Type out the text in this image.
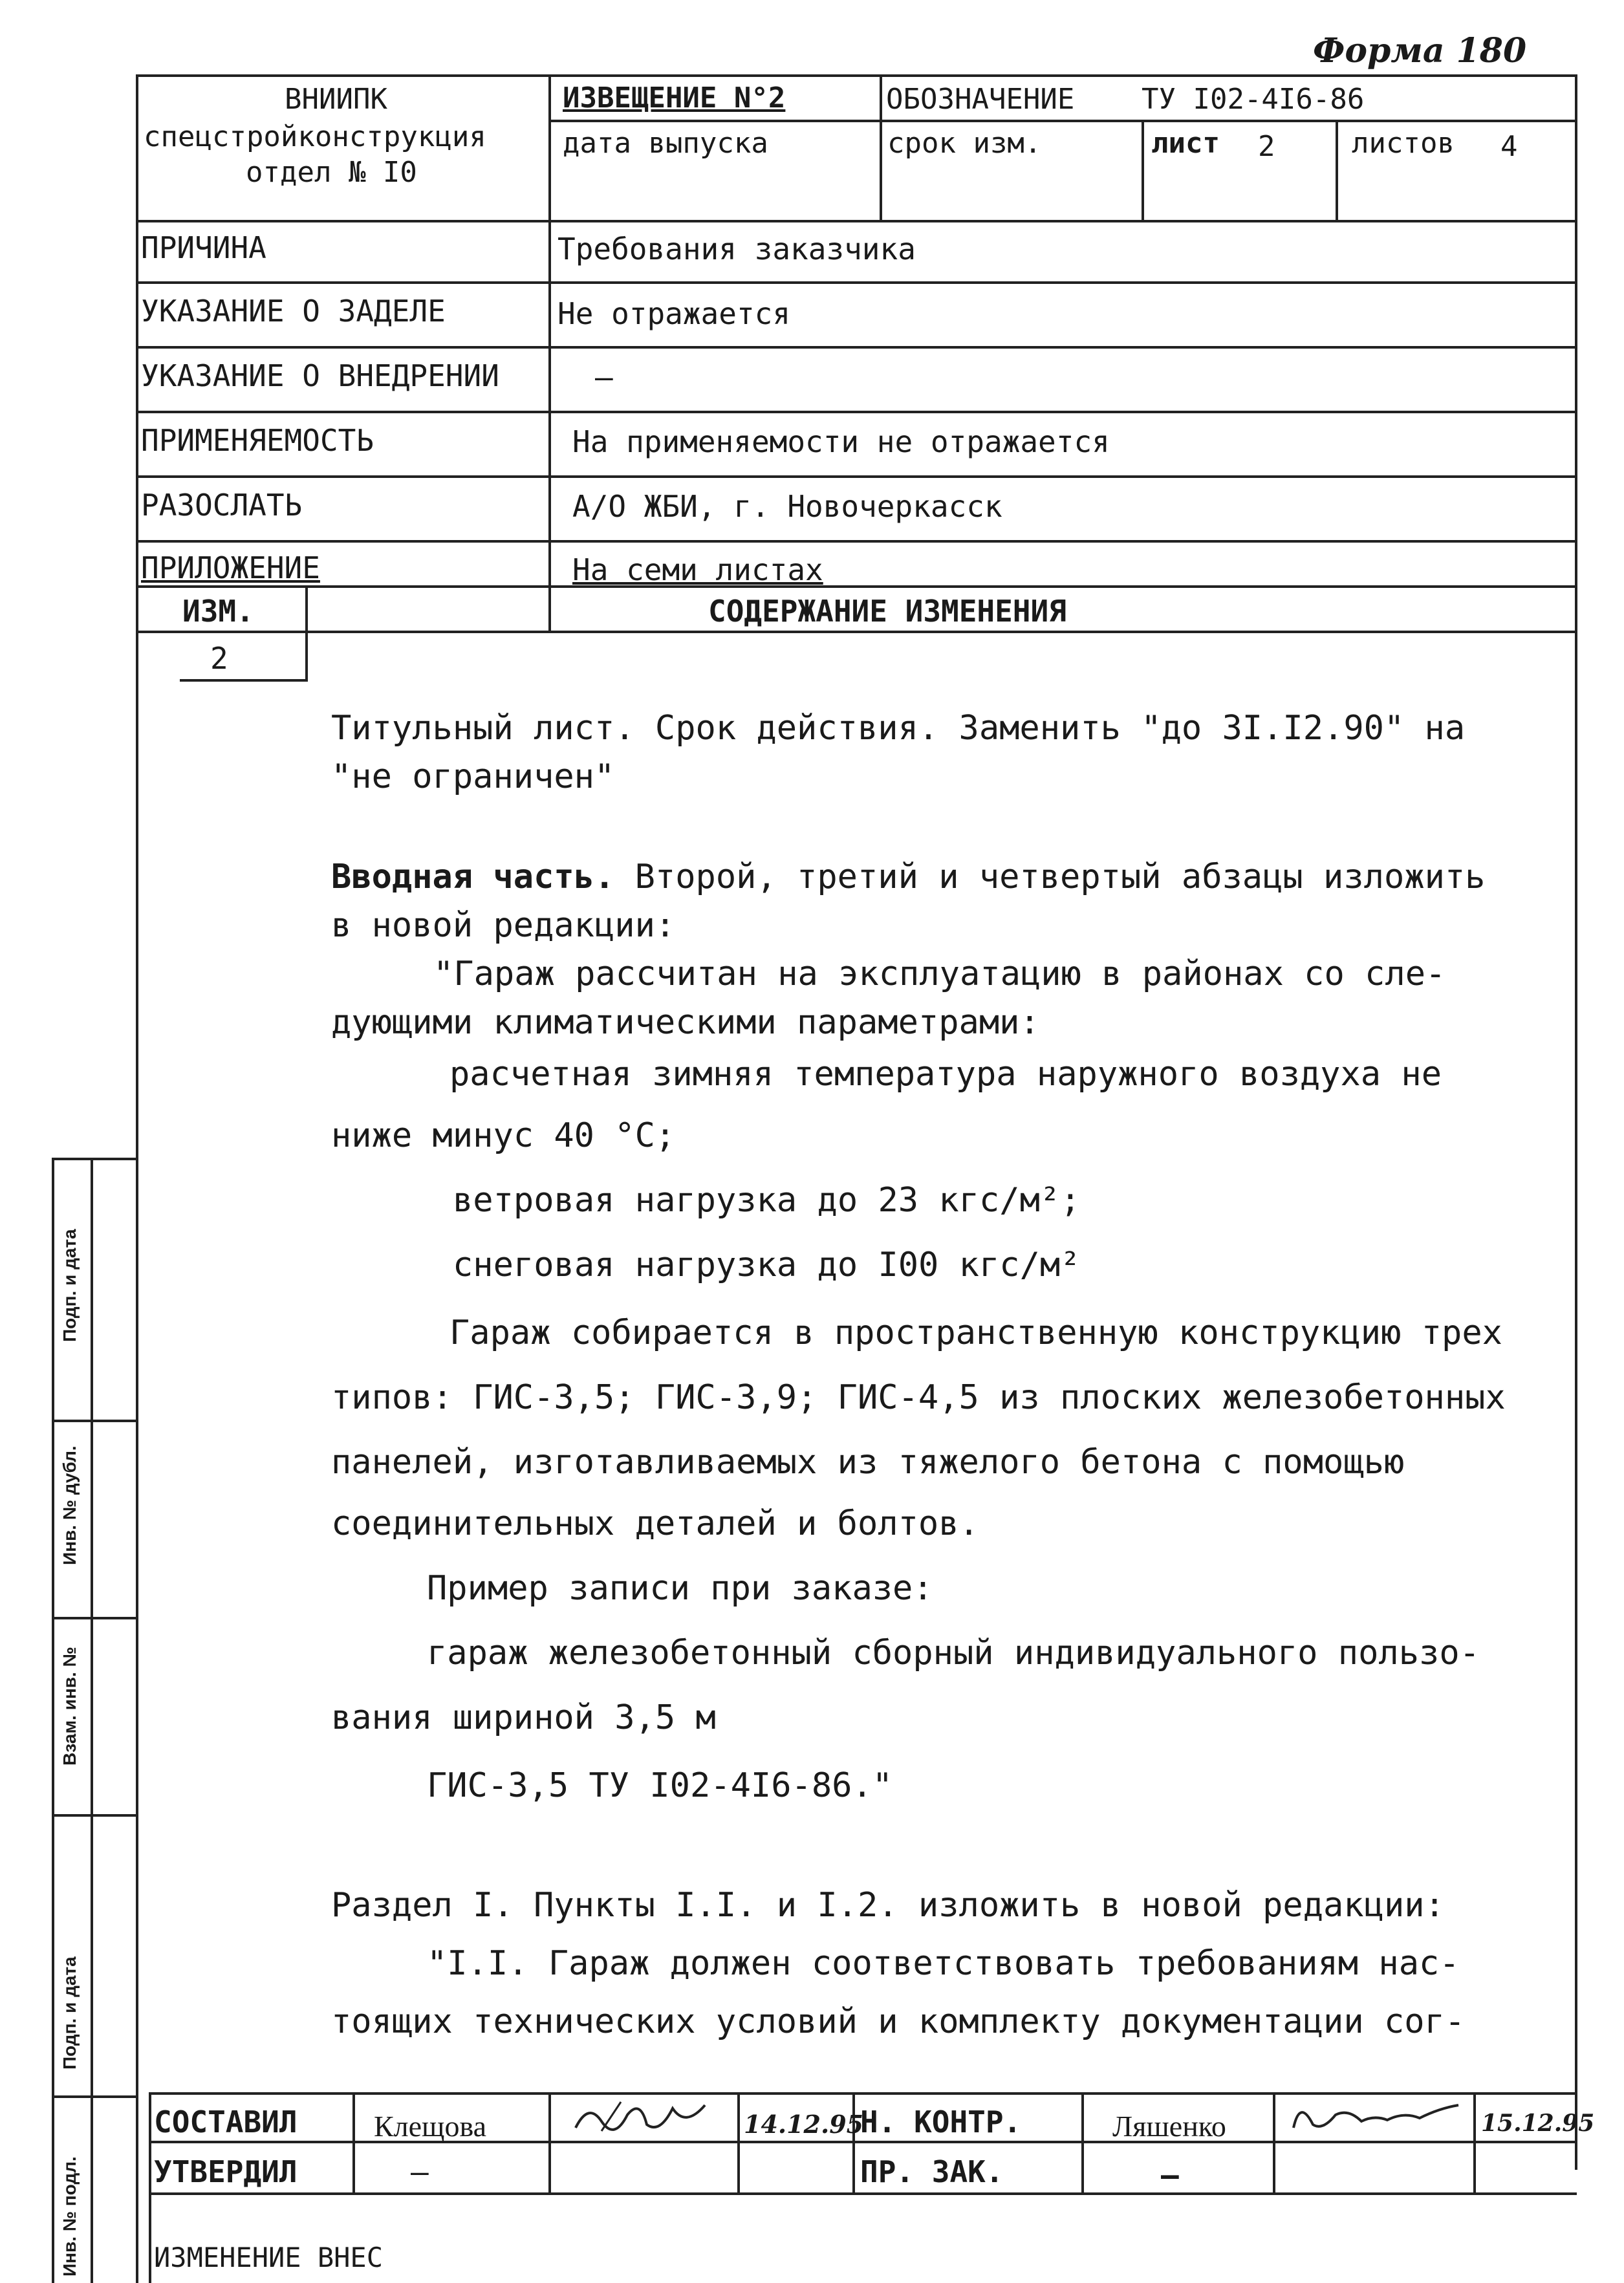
Форма 180
ВНИИПК
спецстройконструкция
отдел № I0
ИЗВЕЩЕНИЕ N°2	ОБОЗНАЧЕНИЕ ТУ I02-4I6-86
дата выпуска	срок изм.	лист 2	листов 4
ПРИЧИНА	Требования заказчика
УКАЗАНИЕ О ЗАДЕЛЕ	Не отражается
УКАЗАНИЕ О ВНЕДРЕНИИ	–
ПРИМЕНЯЕМОСТЬ	На применяемости не отражается
РАЗОСЛАТЬ	А/О ЖБИ, г. Новочеркасск
ПРИЛОЖЕНИЕ	На семи листах
ИЗМ.
2
СОДЕРЖАНИЕ ИЗМЕНЕНИЯ
Титульный лист. Срок действия. Заменить "до 3I.I2.90" на
"не ограничен"
Вводная часть. Второй, третий и четвертый абзацы изложить
в новой редакции:
"Гараж рассчитан на эксплуатацию в районах со сле-
дующими климатическими параметрами:
расчетная зимняя температура наружного воздуха не
ниже минус 40 °С;
ветровая нагрузка до 23 кгс/м²;
снеговая нагрузка до I00 кгс/м²
Гараж собирается в пространственную конструкцию трех
типов: ГИС-3,5; ГИС-3,9; ГИС-4,5 из плоских железобетонных
панелей, изготавливаемых из тяжелого бетона с помощью
соединительных деталей и болтов.
Пример записи при заказе:
гараж железобетонный сборный индивидуального пользо-
вания шириной 3,5 м
ГИС-3,5 ТУ I02-4I6-86."
Раздел I. Пункты I.I. и I.2. изложить в новой редакции:
"I.I. Гараж должен соответствовать требованиям нас-
тоящих технических условий и комплекту документации сог-
СОСТАВИЛ	Клещова	14.12.95
Н. КОНТР.	Ляшенко	15.12.95
УТВЕРДИЛ	–	ПР. ЗАК.	–
ИЗМЕНЕНИЕ ВНЕС
Подп. и дата
Инв. № дубл.
Взам. инв. №
Подп. и дата
Инв. № подл.
